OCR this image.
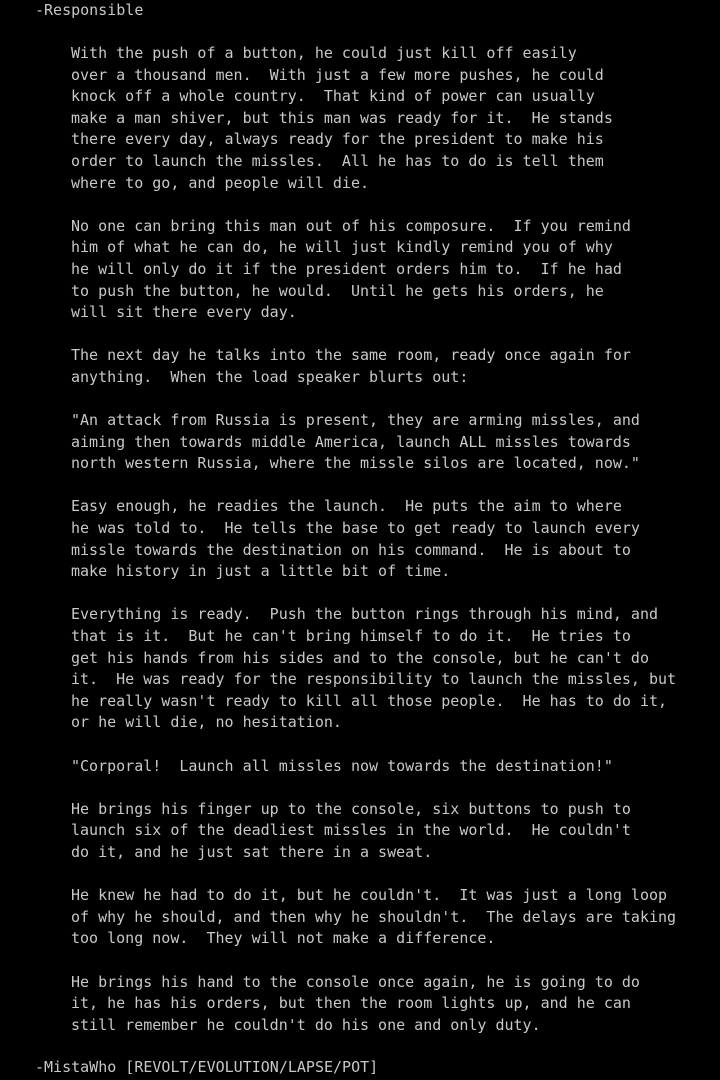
-Responsible
With the push of a button, he could just kill off easily
over a thousand men.  With just a few more pushes, he could
knock off a whole country.  That kind of power can usually
make a man shiver, but this man was ready for it.  He stands
there every day, always ready for the president to make his
order to launch the missles.  All he has to do is tell them
where to go, and people will die.
No one can bring this man out of his composure.  If you remind
him of what he can do, he will just kindly remind you of why
he will only do it if the president orders him to.  If he had
to push the button, he would.  Until he gets his orders, he
will sit there every day.
The next day he talks into the same room, ready once again for
anything.  When the load speaker blurts out:
"An attack from Russia is present, they are arming missles, and
aiming then towards middle America, launch ALL missles towards
north western Russia, where the missle silos are located, now."
Easy enough, he readies the launch.  He puts the aim to where
he was told to.  He tells the base to get ready to launch every
missle towards the destination on his command.  He is about to
make history in just a little bit of time.
Everything is ready.  Push the button rings through his mind, and
that is it.  But he can't bring himself to do it.  He tries to
get his hands from his sides and to the console, but he can't do
it.  He was ready for the responsibility to launch the missles, but
he really wasn't ready to kill all those people.  He has to do it,
or he will die, no hesitation.
"Corporal!  Launch all missles now towards the destination!"
He brings his finger up to the console, six buttons to push to
launch six of the deadliest missles in the world.  He couldn't
do it, and he just sat there in a sweat.
He knew he had to do it, but he couldn't.  It was just a long loop
of why he should, and then why he shouldn't.  The delays are taking
too long now.  They will not make a difference.
He brings his hand to the console once again, he is going to do
it, he has his orders, but then the room lights up, and he can
still remember he couldn't do his one and only duty.
-MistaWho [REVOLT/EVOLUTION/LAPSE/POT]
